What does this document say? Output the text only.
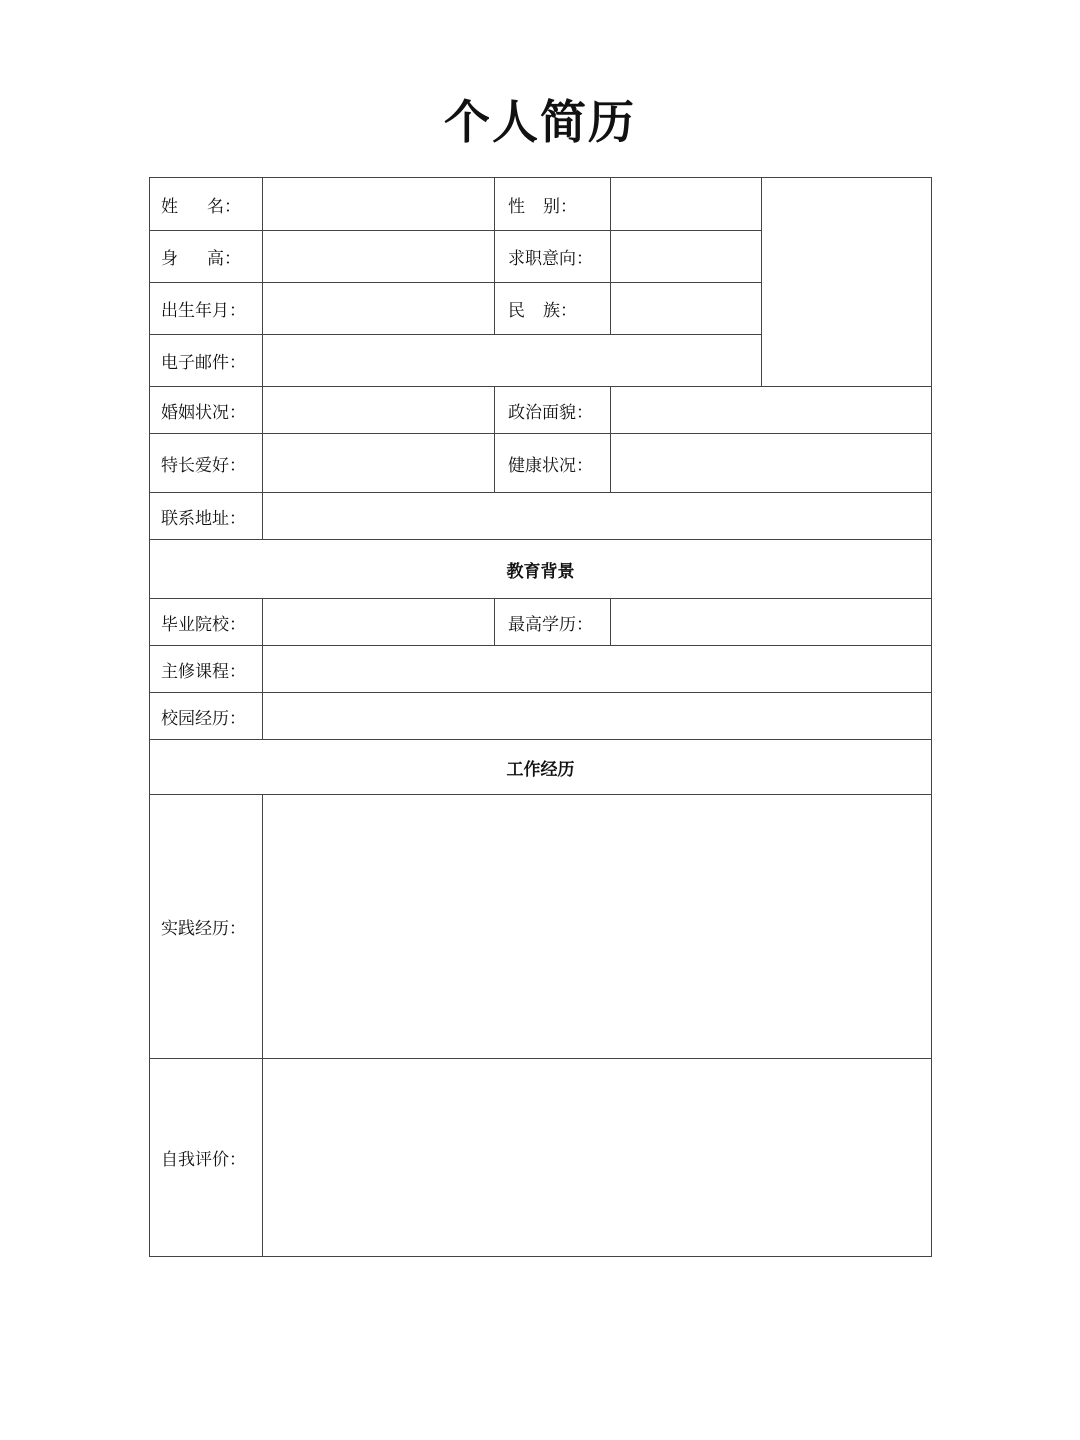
个人简历
姓 名：		性 别：		

身 高：		求职意向：		
出生年月：		民 族：		

电子邮件：				
婚姻状况：		政治面貌：		
特长爱好：		健康状况：		
联系地址：				
教育背景				
毕业院校：		最高学历：		
主修课程：				
校园经历：				
工作经历				
实践经历：				
自我评价：				
